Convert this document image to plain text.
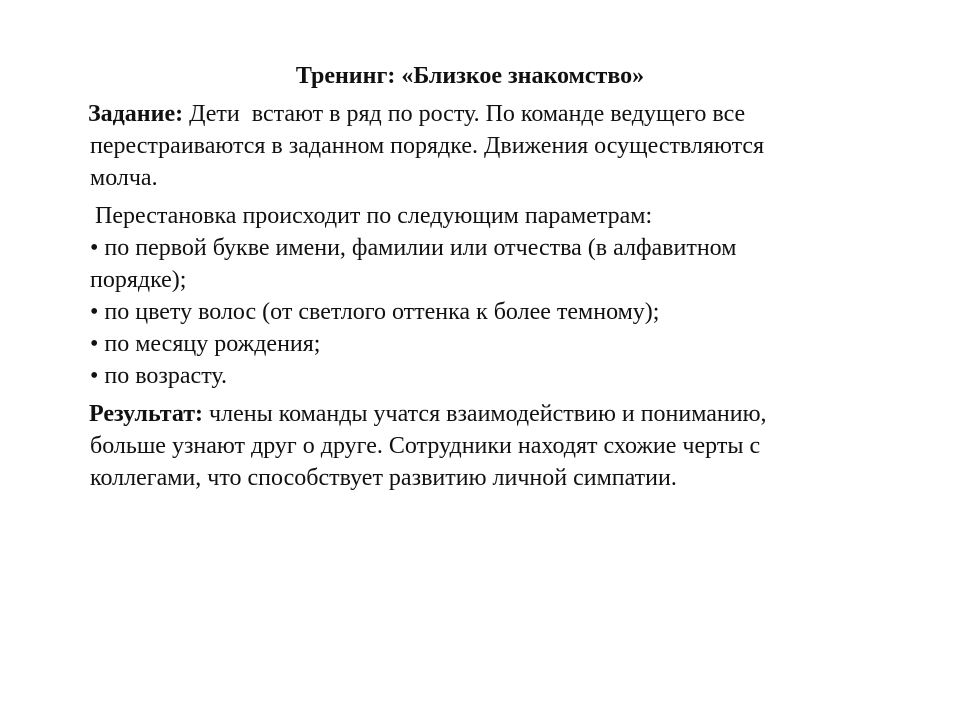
Тренинг: «Близкое знакомство»
Задание: Дети  встают в ряд по росту. По команде ведущего все
перестраиваются в заданном порядке. Движения осуществляются
молча.
Перестановка происходит по следующим параметрам:
• по первой букве имени, фамилии или отчества (в алфавитном
порядке);
• по цвету волос (от светлого оттенка к более темному);
• по месяцу рождения;
• по возрасту.
Результат: члены команды учатся взаимодействию и пониманию,
больше узнают друг о друге. Сотрудники находят схожие черты с
коллегами, что способствует развитию личной симпатии.
